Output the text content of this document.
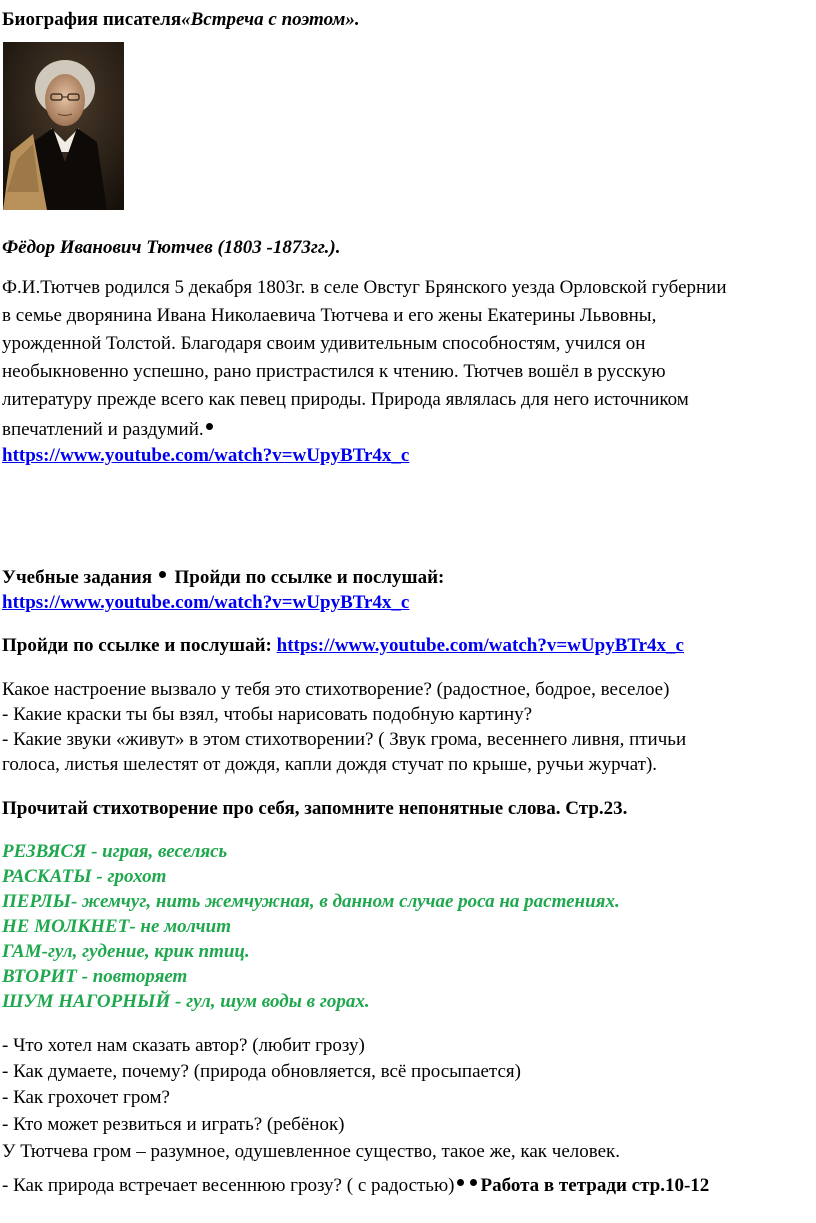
Биография писателя«Встреча с поэтом».
Фёдор Иванович Тютчев (1803 -1873гг.).
Ф.И.Тютчев родился 5 декабря 1803г. в селе Овстуг Брянского уезда Орловской губернии
в семье дворянина Ивана Николаевича Тютчева и его жены Екатерины Львовны,
урожденной Толстой. Благодаря своим удивительным способностям, учился он
необыкновенно успешно, рано пристрастился к чтению. Тютчев вошёл в русскую
литературу прежде всего как певец природы. Природа являлась для него источником
впечатлений и раздумий.
https://www.youtube.com/watch?v=wUpyBTr4x_c
Учебные задания Пройди по ссылке и послушай:
https://www.youtube.com/watch?v=wUpyBTr4x_c
Пройди по ссылке и послушай: https://www.youtube.com/watch?v=wUpyBTr4x_c
Какое настроение вызвало у тебя это стихотворение? (радостное, бодрое, веселое)
- Какие краски ты бы взял, чтобы нарисовать подобную картину?
- Какие звуки «живут» в этом стихотворении? ( Звук грома, весеннего ливня, птичьи
голоса, листья шелестят от дождя, капли дождя стучат по крыше, ручьи журчат).
Прочитай стихотворение про себя, запомните непонятные слова. Стр.23.
РЕЗВЯСЯ - играя, веселясь
РАСКАТЫ - грохот
ПЕРЛЫ- жемчуг, нить жемчужная, в данном случае роса на растениях.
НЕ МОЛКНЕТ- не молчит
ГАМ-гул, гудение, крик птиц.
ВТОРИТ - повторяет
ШУМ НАГОРНЫЙ - гул, шум воды в горах.
- Что хотел нам сказать автор? (любит грозу)
- Как думаете, почему? (природа обновляется, всё просыпается)
- Как грохочет гром?
- Кто может резвиться и играть? (ребёнок)
У Тютчева гром – разумное, одушевленное существо, такое же, как человек.
- Как природа встречает весеннюю грозу? ( с радостью) Работа в тетради стр.10-12
